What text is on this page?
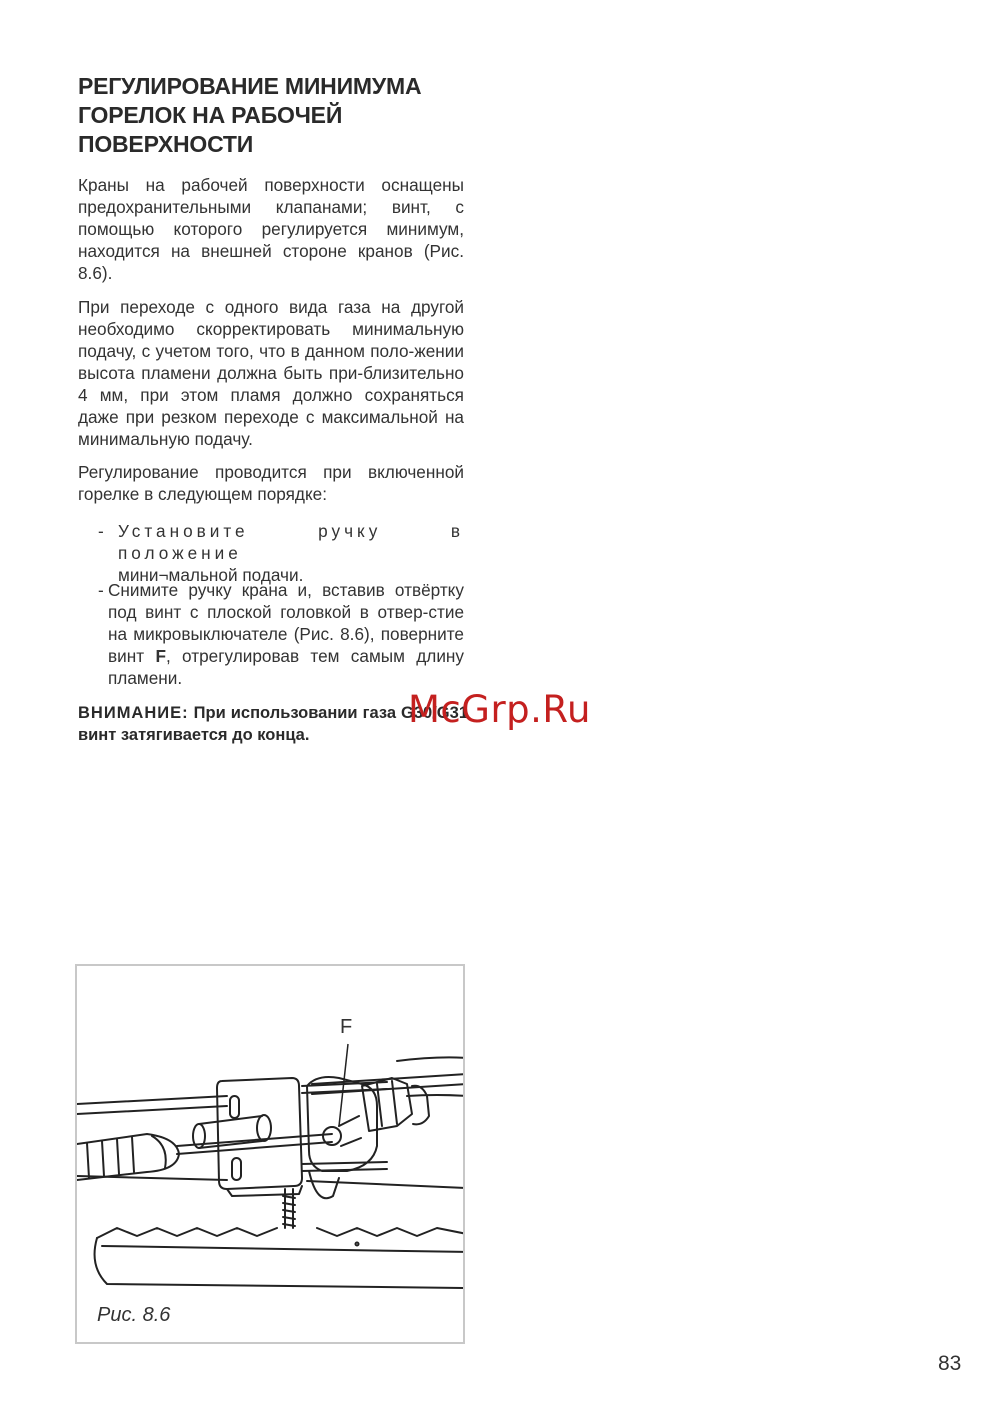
РЕГУЛИРОВАНИЕ МИНИМУМА
ГОРЕЛОК НА РАБОЧЕЙ
ПОВЕРХНОСТИ
Краны на рабочей поверхности оснащены предохранительными клапанами; винт, с помощью которого регулируется минимум, находится на внешней стороне кранов (Рис. 8.6).
При переходе с одного вида газа на другой необходимо скорректировать минимальную подачу, с учетом того, что в данном поло-жении высота пламени должна быть при-близительно 4 мм, при этом пламя должно сохраняться даже при резком переходе с максимальной на минимальную подачу.
Регулирование проводится при включенной горелке в следующем порядке:
- Установите ручку в положение
мини¬мальной подачи.
- Снимите ручку крана и, вставив отвёртку под винт с плоской головкой в отвер-стие на микровыключателе (Рис. 8.6), поверните винт F, отрегулировав тем самым длину пламени.
ВНИМАНИЕ: При использовании газа G30/G31 винт затягивается до конца.
McGrp.Ru
F
Рис. 8.6
83
